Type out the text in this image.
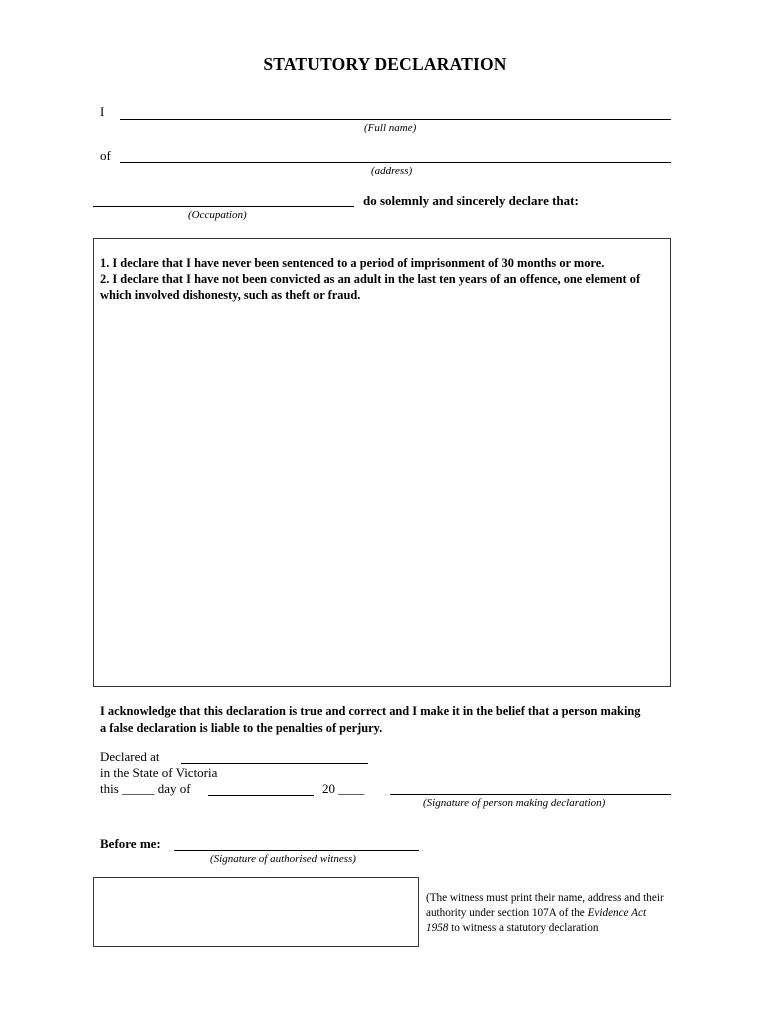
STATUTORY DECLARATION
I
(Full name)
of
(address)
do solemnly and sincerely declare that:
(Occupation)
1. I declare that I have never been sentenced to a period of imprisonment of 30 months or more.
2. I declare that I have not been convicted as an adult in the last ten years of an offence, one element of which involved dishonesty, such as theft or fraud.
I acknowledge that this declaration is true and correct and I make it in the belief that a person making a false declaration is liable to the penalties of perjury.
Declared at
in the State of Victoria
this _____ day of	20 ____
(Signature of person making declaration)
Before me:
(Signature of authorised witness)
(The witness must print their name, address and their authority under section 107A of the Evidence Act 1958 to witness a statutory declaration
